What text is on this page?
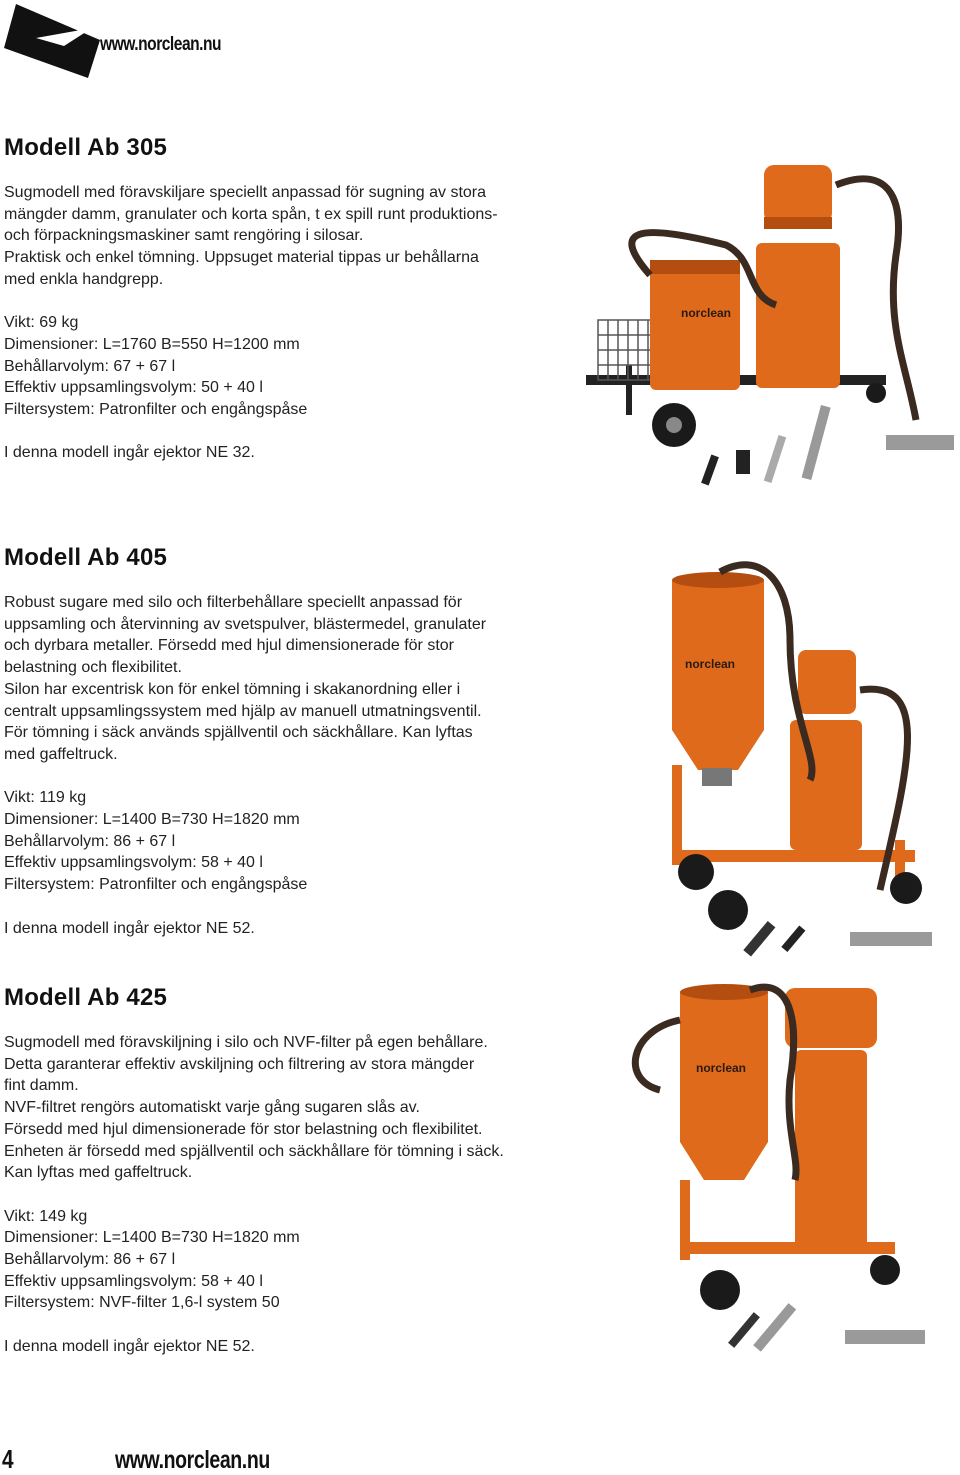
www.norclean.nu
Modell Ab 305

Sugmodell med föravskiljare speciellt anpassad för sugning av stora
mängder damm, granulater och korta spån, t ex spill runt produktions-
och förpackningsmaskiner samt rengöring i silosar.
Praktisk och enkel tömning. Uppsuget material tippas ur behållarna
med enkla handgrepp.

Vikt: 69 kg

Dimensioner: L=1760 B=550 H=1200 mm

Behållarvolym: 67 + 67 l

Effektiv uppsamlingsvolym: 50 + 40 l

Filtersystem: Patronfilter och engångspåse

I denna modell ingår ejektor NE 32.

norclean
Modell Ab 405

Robust sugare med silo och filterbehållare speciellt anpassad för
uppsamling och återvinning av svetspulver, blästermedel, granulater
och dyrbara metaller. Försedd med hjul dimensionerade för stor
belastning och flexibilitet.
Silon har excentrisk kon för enkel tömning i skakanordning eller i
centralt uppsamlingssystem med hjälp av manuell utmatningsventil.
För tömning i säck används spjällventil och säckhållare. Kan lyftas
med gaffeltruck.

Vikt: 119 kg

Dimensioner: L=1400 B=730 H=1820 mm

Behållarvolym: 86 + 67 l

Effektiv uppsamlingsvolym: 58 + 40 l

Filtersystem: Patronfilter och engångspåse

I denna modell ingår ejektor NE 52.

norclean
Modell Ab 425

Sugmodell med föravskiljning i silo och NVF-filter på egen behållare.
Detta garanterar effektiv avskiljning och filtrering av stora mängder
fint damm.
NVF-filtret rengörs automatiskt varje gång sugaren slås av.
Försedd med hjul dimensionerade för stor belastning och flexibilitet.
Enheten är försedd med spjällventil och säckhållare för tömning i säck.
Kan lyftas med gaffeltruck.

Vikt: 149 kg

Dimensioner: L=1400 B=730 H=1820 mm

Behållarvolym: 86 + 67 l

Effektiv uppsamlingsvolym: 58 + 40 l

Filtersystem: NVF-filter 1,6-l system 50

I denna modell ingår ejektor NE 52.

norclean
4	www.norclean.nu
